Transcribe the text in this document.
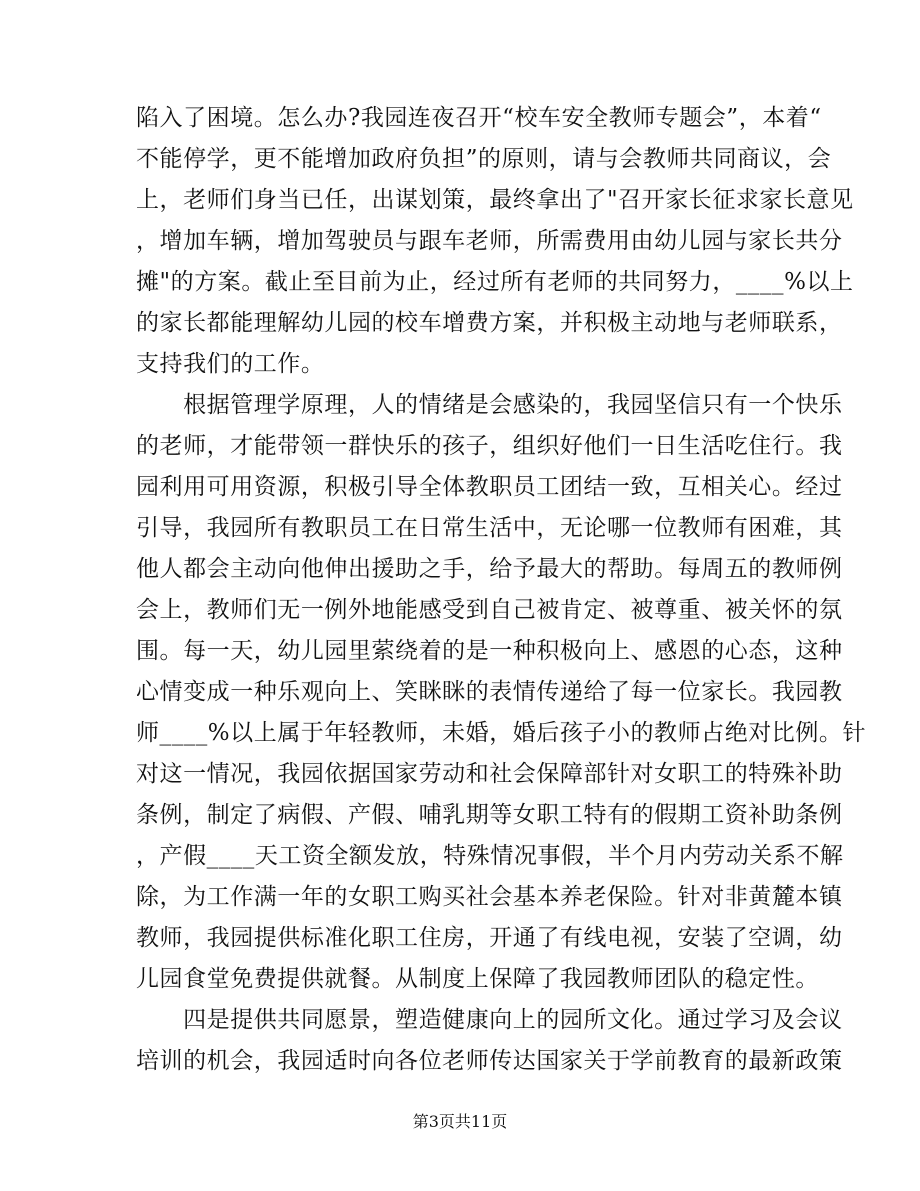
陷入了困境。怎么办?我园连夜召开“校车安全教师专题会”，本着“
不能停学，更不能增加政府负担”的原则，请与会教师共同商议，会
上，老师们身当已任，出谋划策，最终拿出了"召开家长征求家长意见
，增加车辆，增加驾驶员与跟车老师，所需费用由幼儿园与家长共分
摊"的方案。截止至目前为止，经过所有老师的共同努力，____%以上
的家长都能理解幼儿园的校车增费方案，并积极主动地与老师联系，
支持我们的工作。
　　根据管理学原理，人的情绪是会感染的，我园坚信只有一个快乐
的老师，才能带领一群快乐的孩子，组织好他们一日生活吃住行。我
园利用可用资源，积极引导全体教职员工团结一致，互相关心。经过
引导，我园所有教职员工在日常生活中，无论哪一位教师有困难，其
他人都会主动向他伸出援助之手，给予最大的帮助。每周五的教师例
会上，教师们无一例外地能感受到自己被肯定、被尊重、被关怀的氛
围。每一天，幼儿园里萦绕着的是一种积极向上、感恩的心态，这种
心情变成一种乐观向上、笑眯眯的表情传递给了每一位家长。我园教
师____%以上属于年轻教师，未婚，婚后孩子小的教师占绝对比例。针
对这一情况，我园依据国家劳动和社会保障部针对女职工的特殊补助
条例，制定了病假、产假、哺乳期等女职工特有的假期工资补助条例
，产假____天工资全额发放，特殊情况事假，半个月内劳动关系不解
除，为工作满一年的女职工购买社会基本养老保险。针对非黄麓本镇
教师，我园提供标准化职工住房，开通了有线电视，安装了空调，幼
儿园食堂免费提供就餐。从制度上保障了我园教师团队的稳定性。
　　四是提供共同愿景，塑造健康向上的园所文化。通过学习及会议
培训的机会，我园适时向各位老师传达国家关于学前教育的最新政策
第3页共11页
